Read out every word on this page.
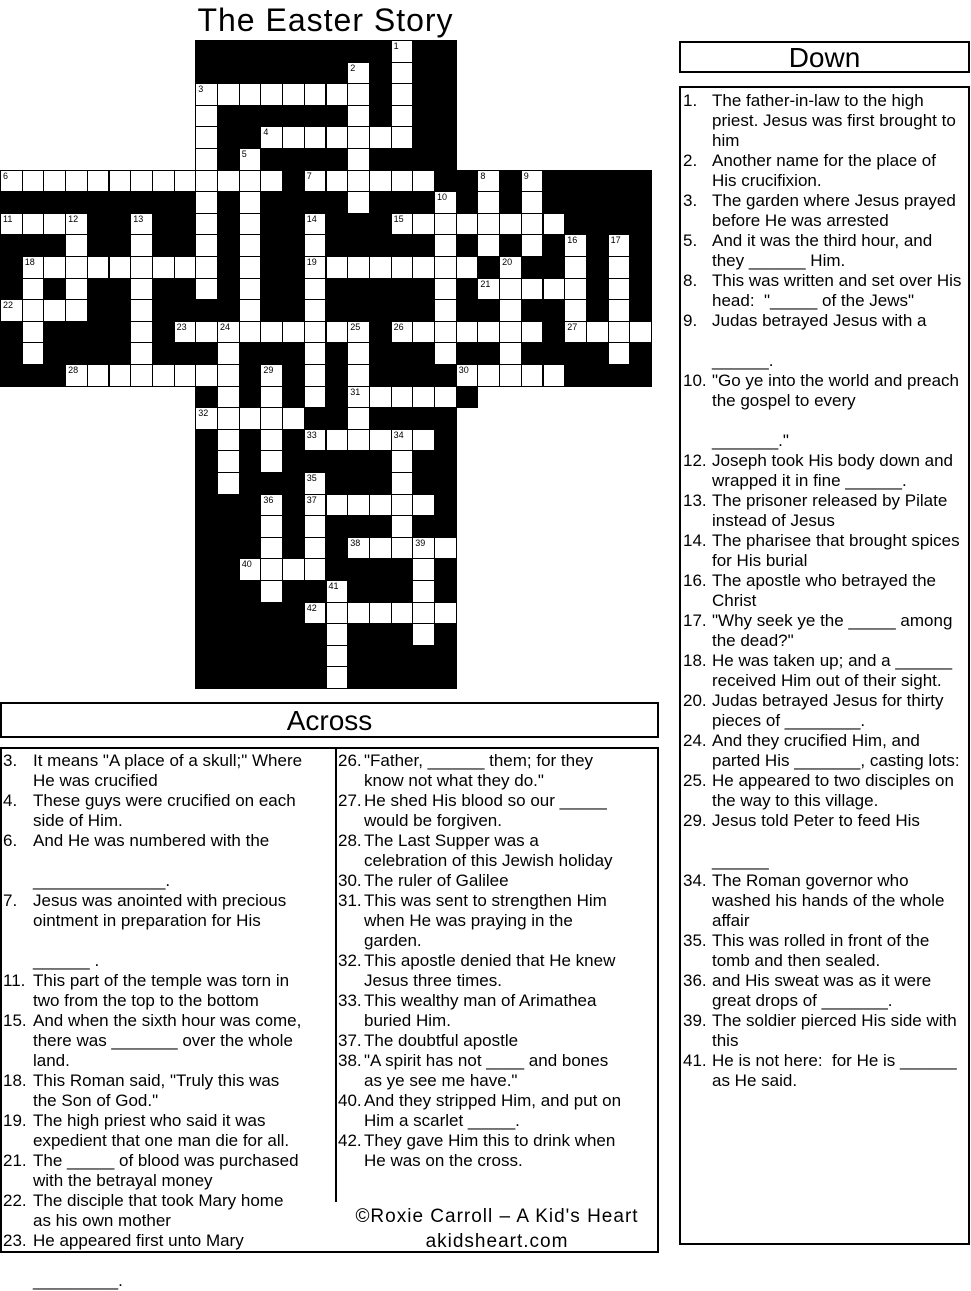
The Easter Story
1
2
3
4
5
6	7	8	9
10
11	12	13	14	15
16	17
18	19	20
21
22
23	24	25	26	27
28	29	30
31
32
33	34
35
36	37
38	39
40
41
42
Down
1. The father-in-law to the high priest. Jesus was first brought to him
2. Another name for the place of His crucifixion.
3. The garden where Jesus prayed before He was arrested
5. And it was the third hour, and they ______ Him.
8. This was written and set over His head:  "_____ of the Jews"
9. Judas betrayed Jesus with a

______.
10. "Go ye into the world and preach the gospel to every

_______."
12. Joseph took His body down and wrapped it in fine ______.
13. The prisoner released by Pilate instead of Jesus
14. The pharisee that brought spices for His burial
16. The apostle who betrayed the Christ
17. "Why seek ye the _____ among the dead?"
18. He was taken up; and a ______ received Him out of their sight.
20. Judas betrayed Jesus for thirty pieces of ________.
24. And they crucified Him, and parted His _______, casting lots:
25. He appeared to two disciples on the way to this village.
29. Jesus told Peter to feed His

______
34. The Roman governor who washed his hands of the whole affair
35. This was rolled in front of the tomb and then sealed.
36. and His sweat was as it were great drops of _______.
39. The soldier pierced His side with this
41. He is not here:  for He is ______ as He said.
Across
3. It means "A place of a skull;" Where He was crucified
4. These guys were crucified on each side of Him.
6. And He was numbered with the

______________.
7. Jesus was anointed with precious ointment in preparation for His

______ .
11. This part of the temple was torn in two from the top to the bottom
15. And when the sixth hour was come, there was _______ over the whole land.
18. This Roman said, "Truly this was the Son of God."
19. The high priest who said it was expedient that one man die for all.
21. The _____ of blood was purchased with the betrayal money
22. The disciple that took Mary home as his own mother
23. He appeared first unto Mary

_________.
26. "Father, ______ them; for they know not what they do."
27. He shed His blood so our _____ would be forgiven.
28. The Last Supper was a celebration of this Jewish holiday
30. The ruler of Galilee
31. This was sent to strengthen Him when He was praying in the garden.
32. This apostle denied that He knew Jesus three times.
33. This wealthy man of Arimathea buried Him.
37. The doubtful apostle
38. "A spirit has not ____ and bones as ye see me have."
40. And they stripped Him, and put on Him a scarlet _____.
42. They gave Him this to drink when He was on the cross.
©Roxie Carroll – A Kid's Heart
akidsheart.com
